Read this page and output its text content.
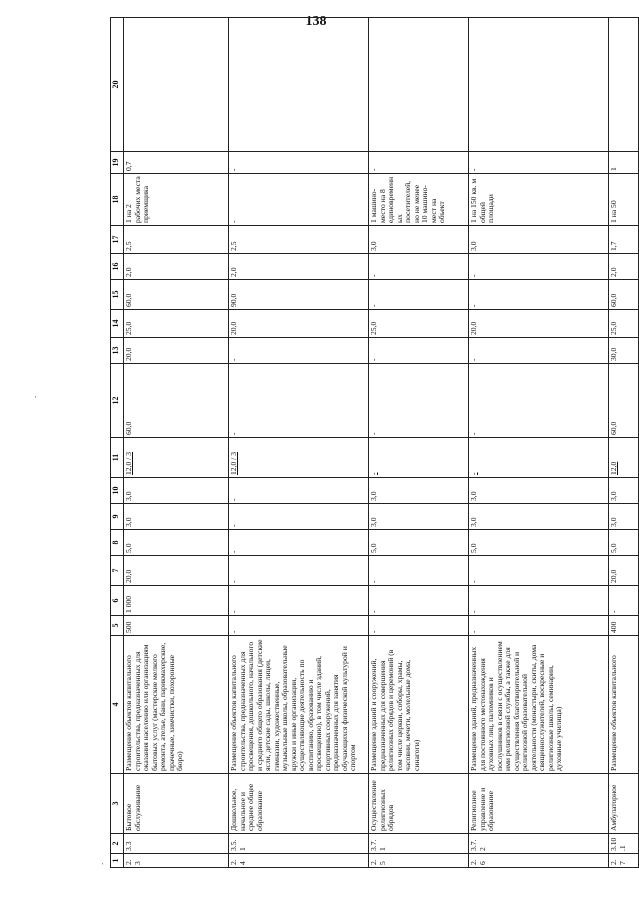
138
·
1	2	3	4	5	6	7	8	9	10	11	12	13	14	15	16	17	18	19	20
2.3	3.3	Бытовое обслуживание	Размещение объектов капитального строительства, предназначенных для оказания населению или организациям бытовых услуг (мастерские мелкого ремонта, ателье, бани, парикмахерские, прачечные, химчистки, похоронные бюро)	500	1 000	20,0	5,0	3,0	3,0	12,0 / 3	60,0	20,0	25,0	60,0	2,0	2,5	1 на 2 рабочих места приемщика	0,7	
2.4	3.5.1	Дошкольное, начальное и среднее общее образование	Размещение объектов капитального строительства, предназначенных для просвещения, дошкольного, начального и среднего общего образования (детские ясли, детские сады, школы, лицеи, гимназии, художественные, музыкальные школы, образовательные кружки и иные организации, осуществляющие деятельность по воспитанию, образованию и просвещению), в том числе зданий, спортивных сооружений, предназначенных для занятия обучающихся физической культурой и спортом	-	-	-	-	-	-	12,0 / 3	-	-	20,0	90,0	2,0	2,5	-	-	
2.5	3.7.1	Осуществление религиозных обрядов	Размещение зданий и сооружений, предназначенных для совершения религиозных обрядов и церемоний (в том числе церкви, соборы, храмы, часовни, мечети, молельные дома, синагоги)	-	-	-	5,0	3,0	3,0	-	-	-	25,0	-	-	3,0	1 машино-место на 8 единовременных посетителей, но не менее 10 машино-мест на объект	-	
2.6	3.7.2	Религиозное управление и образование	Размещение зданий, предназначенных для постоянного местонахождения духовных лиц, паломников и послушников в связи с осуществлением ими религиозной службы, а также для осуществления благотворительной и религиозной образовательной деятельности (монастыри, скиты, дома священнослужителей, воскресные и религиозные школы, семинарии, духовные училища)	-	-	-	5,0	3,0	3,0	-	-	-	20,0	-	-	3,0	1 на 150 кв. м общей площади	-	
2.7	3.10.1	Амбулаторное	Размещение объектов капитального	400	-	20,0	5,0	3,0	3,0	12,0	60,0	30,0	25,0	60,0	2,0	1,7	1 на 50	1	
'
